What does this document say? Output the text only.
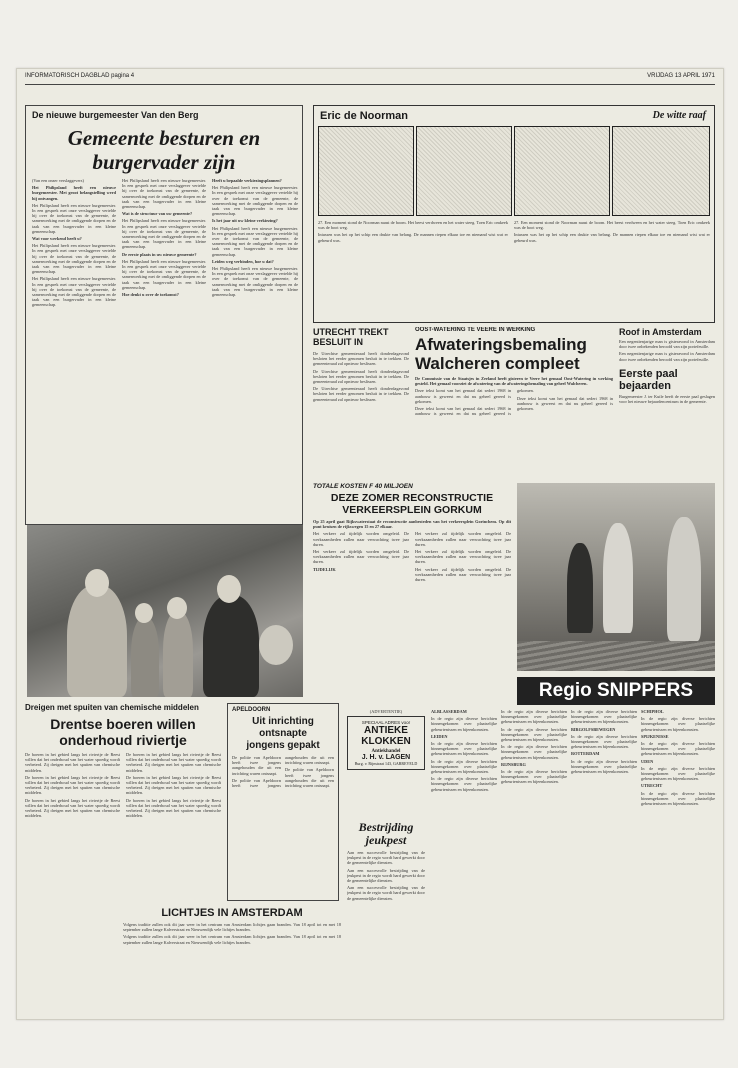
INFORMATORISCH DAGBLAD pagina 4	VRIJDAG 13 APRIL 1971
De nieuwe burgemeester Van den Berg
Gemeente besturen en
burgervader zijn

(Van een onzer verslaggevers)

Het Philipsland heeft een nieuwe burgemeester. Met groot belangstelling werd hij ontvangen.

Het Philipsland heeft een nieuwe burgemeester. In een gesprek met onze verslaggever vertelde hij over de toekomst van de gemeente, de samenwerking met de omliggende dorpen en de taak van een burgervader in een kleine gemeenschap.

Wat voor werkend heeft u?

Het Philipsland heeft een nieuwe burgemeester. In een gesprek met onze verslaggever vertelde hij over de toekomst van de gemeente, de samenwerking met de omliggende dorpen en de taak van een burgervader in een kleine gemeenschap.

Het Philipsland heeft een nieuwe burgemeester. In een gesprek met onze verslaggever vertelde hij over de toekomst van de gemeente, de samenwerking met de omliggende dorpen en de taak van een burgervader in een kleine gemeenschap.

Het Philipsland heeft een nieuwe burgemeester. In een gesprek met onze verslaggever vertelde hij over de toekomst van de gemeente, de samenwerking met de omliggende dorpen en de taak van een burgervader in een kleine gemeenschap.

Wat is de structuur van uw gemeente?

Het Philipsland heeft een nieuwe burgemeester. In een gesprek met onze verslaggever vertelde hij over de toekomst van de gemeente, de samenwerking met de omliggende dorpen en de taak van een burgervader in een kleine gemeenschap.

De eerste plaats in uw nieuwe gemeente?

Het Philipsland heeft een nieuwe burgemeester. In een gesprek met onze verslaggever vertelde hij over de toekomst van de gemeente, de samenwerking met de omliggende dorpen en de taak van een burgervader in een kleine gemeenschap.

Hoe denkt u over de toekomst?

Heeft u bepaalde verkiezingsplannen?

Het Philipsland heeft een nieuwe burgemeester. In een gesprek met onze verslaggever vertelde hij over de toekomst van de gemeente, de samenwerking met de omliggende dorpen en de taak van een burgervader in een kleine gemeenschap.

Is het jaar uit uw kleine verkiezing?

Het Philipsland heeft een nieuwe burgemeester. In een gesprek met onze verslaggever vertelde hij over de toekomst van de gemeente, de samenwerking met de omliggende dorpen en de taak van een burgervader in een kleine gemeenschap.

Leiden weg verbinden, hoe u dat?

Het Philipsland heeft een nieuwe burgemeester. In een gesprek met onze verslaggever vertelde hij over de toekomst van de gemeente, de samenwerking met de omliggende dorpen en de taak van een burgervader in een kleine gemeenschap.

Eric de Noorman	De witte raaf

27. Een moment stond de Noorman naast de boom. Het beest verdween en het water steeg. Toen Eric omkeek was de boot weg.

Intussen was het op het schip een drukte van belang. De mannen riepen elkaar toe en niemand wist wat er gebeurd was.

27. Een moment stond de Noorman naast de boom. Het beest verdween en het water steeg. Toen Eric omkeek was de boot weg.

Intussen was het op het schip een drukte van belang. De mannen riepen elkaar toe en niemand wist wat er gebeurd was.

UTRECHT TREKT BESLUIT IN

De Utrechtse gemeenteraad heeft donderdagavond besloten het eerder genomen besluit in te trekken. De gemeenteraad zal opnieuw beslissen.

De Utrechtse gemeenteraad heeft donderdagavond besloten het eerder genomen besluit in te trekken. De gemeenteraad zal opnieuw beslissen.

De Utrechtse gemeenteraad heeft donderdagavond besloten het eerder genomen besluit in te trekken. De gemeenteraad zal opnieuw beslissen.

OOST-WATERING TE VEERE IN WERKING
Afwateringsbemaling
Walcheren compleet
De Commissie van de Staatsjes in Zeeland heeft gisteren te Veere het gemaal Oost-Watering in werking gesteld. Het gemaal voorziet de afwatering van de afwateringsbemaling van geheel Walcheren.

Deze tekst komt van het gemaal dat sedert 1968 in aanbouw is geweest en dat nu geheel gereed is gekomen.

Deze tekst komt van het gemaal dat sedert 1968 in aanbouw is geweest en dat nu geheel gereed is gekomen.

Deze tekst komt van het gemaal dat sedert 1968 in aanbouw is geweest en dat nu geheel gereed is gekomen.

Roof in Amsterdam

Een negentienjarige man is gisteravond in Amsterdam door twee onbekenden beroofd van zijn portefeuille.

Een negentienjarige man is gisteravond in Amsterdam door twee onbekenden beroofd van zijn portefeuille.

Eerste paal
bejaarden
Burgemeester J. ter Kuile heeft de eerste paal geslagen voor het nieuwe bejaardencentrum in de gemeente.
TOTALE KOSTEN F 40 MILJOEN
DEZE ZOMER RECONSTRUCTIE
VERKEERSPLEIN GORKUM
Op 25 april gaat Rijkswaterstaat de reconstructie aanbesteden van het verkeersplein Gorinchem. Op dit punt kruisen de rijkswegen 15 en 27 elkaar.

Het verkeer zal tijdelijk worden omgeleid. De werkzaamheden zullen naar verwachting twee jaar duren.

Het verkeer zal tijdelijk worden omgeleid. De werkzaamheden zullen naar verwachting twee jaar duren.

TIJDELIJK

Het verkeer zal tijdelijk worden omgeleid. De werkzaamheden zullen naar verwachting twee jaar duren.

Het verkeer zal tijdelijk worden omgeleid. De werkzaamheden zullen naar verwachting twee jaar duren.

Het verkeer zal tijdelijk worden omgeleid. De werkzaamheden zullen naar verwachting twee jaar duren.

Regio SNIPPERS
Dreigen met spuiten van chemische middelen
Drentse boeren willen
onderhoud riviertje

De boeren in het gebied langs het riviertje de Reest willen dat het onderhoud van het water spoedig wordt verbeterd. Zij dreigen met het spuiten van chemische middelen.

De boeren in het gebied langs het riviertje de Reest willen dat het onderhoud van het water spoedig wordt verbeterd. Zij dreigen met het spuiten van chemische middelen.

De boeren in het gebied langs het riviertje de Reest willen dat het onderhoud van het water spoedig wordt verbeterd. Zij dreigen met het spuiten van chemische middelen.

De boeren in het gebied langs het riviertje de Reest willen dat het onderhoud van het water spoedig wordt verbeterd. Zij dreigen met het spuiten van chemische middelen.

De boeren in het gebied langs het riviertje de Reest willen dat het onderhoud van het water spoedig wordt verbeterd. Zij dreigen met het spuiten van chemische middelen.

De boeren in het gebied langs het riviertje de Reest willen dat het onderhoud van het water spoedig wordt verbeterd. Zij dreigen met het spuiten van chemische middelen.

APELDOORN
Uit inrichting
ontsnapte
jongens gepakt

De politie van Apeldoorn heeft twee jongens aangehouden die uit een inrichting waren ontsnapt.

De politie van Apeldoorn heeft twee jongens aangehouden die uit een inrichting waren ontsnapt.

De politie van Apeldoorn heeft twee jongens aangehouden die uit een inrichting waren ontsnapt.

(ADVERTENTIE)
SPECIAAL ADRES voor
ANTIEKE
KLOKKEN
Antiekhandel
J. H. v. LAGEN
Burg. v. Rijnstraat 143, GARREVELD
Bestrijding
jeukpest

Aan een succesvolle bestrijding van de jeukpest in de regio wordt hard gewerkt door de gemeentelijke diensten.

Aan een succesvolle bestrijding van de jeukpest in de regio wordt hard gewerkt door de gemeentelijke diensten.

Aan een succesvolle bestrijding van de jeukpest in de regio wordt hard gewerkt door de gemeentelijke diensten.

ALBLASSERDAM

In de regio zijn diverse berichten binnengekomen over plaatselijke gebeurtenissen en bijeenkomsten.

LEIDEN

In de regio zijn diverse berichten binnengekomen over plaatselijke gebeurtenissen en bijeenkomsten.

In de regio zijn diverse berichten binnengekomen over plaatselijke gebeurtenissen en bijeenkomsten.

In de regio zijn diverse berichten binnengekomen over plaatselijke gebeurtenissen en bijeenkomsten.

In de regio zijn diverse berichten binnengekomen over plaatselijke gebeurtenissen en bijeenkomsten.

In de regio zijn diverse berichten binnengekomen over plaatselijke gebeurtenissen en bijeenkomsten.

In de regio zijn diverse berichten binnengekomen over plaatselijke gebeurtenissen en bijeenkomsten.

RIJNSBURG

In de regio zijn diverse berichten binnengekomen over plaatselijke gebeurtenissen en bijeenkomsten.

In de regio zijn diverse berichten binnengekomen over plaatselijke gebeurtenissen en bijeenkomsten.

BIRGOLFSBEWEGEN

In de regio zijn diverse berichten binnengekomen over plaatselijke gebeurtenissen en bijeenkomsten.

ROTTERDAM

In de regio zijn diverse berichten binnengekomen over plaatselijke gebeurtenissen en bijeenkomsten.

SCHIPHOL

In de regio zijn diverse berichten binnengekomen over plaatselijke gebeurtenissen en bijeenkomsten.

SPIJKENISSE

In de regio zijn diverse berichten binnengekomen over plaatselijke gebeurtenissen en bijeenkomsten.

UDEN

In de regio zijn diverse berichten binnengekomen over plaatselijke gebeurtenissen en bijeenkomsten.

UTRECHT

In de regio zijn diverse berichten binnengekomen over plaatselijke gebeurtenissen en bijeenkomsten.

LICHTJES IN AMSTERDAM

Volgens traditie zullen ook dit jaar weer in het centrum van Amsterdam lichtjes gaan branden. Van 18 april tot en met 18 september zullen lange Kalverstraat en Nieuwendijk vele lichtjes branden.

Volgens traditie zullen ook dit jaar weer in het centrum van Amsterdam lichtjes gaan branden. Van 18 april tot en met 18 september zullen lange Kalverstraat en Nieuwendijk vele lichtjes branden.
